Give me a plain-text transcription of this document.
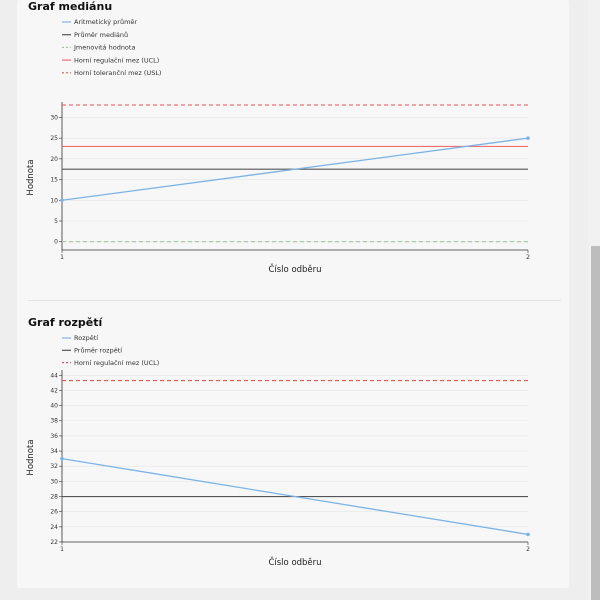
Graf mediánu
Graf rozpětí
Aritmetický průměr
Průměr mediánů
Jmenovitá hodnota
Horní regulační mez (UCL)
Horní toleranční mez (USL)
0
5
10
15
20
25
30
1	2
Číslo odběru
Hodnota
Rozpětí
Průměr rozpětí
Horní regulační mez (UCL)
22
24
26
28
30
32
34
36
38
40
42
44
1	2
Číslo odběru
Hodnota
